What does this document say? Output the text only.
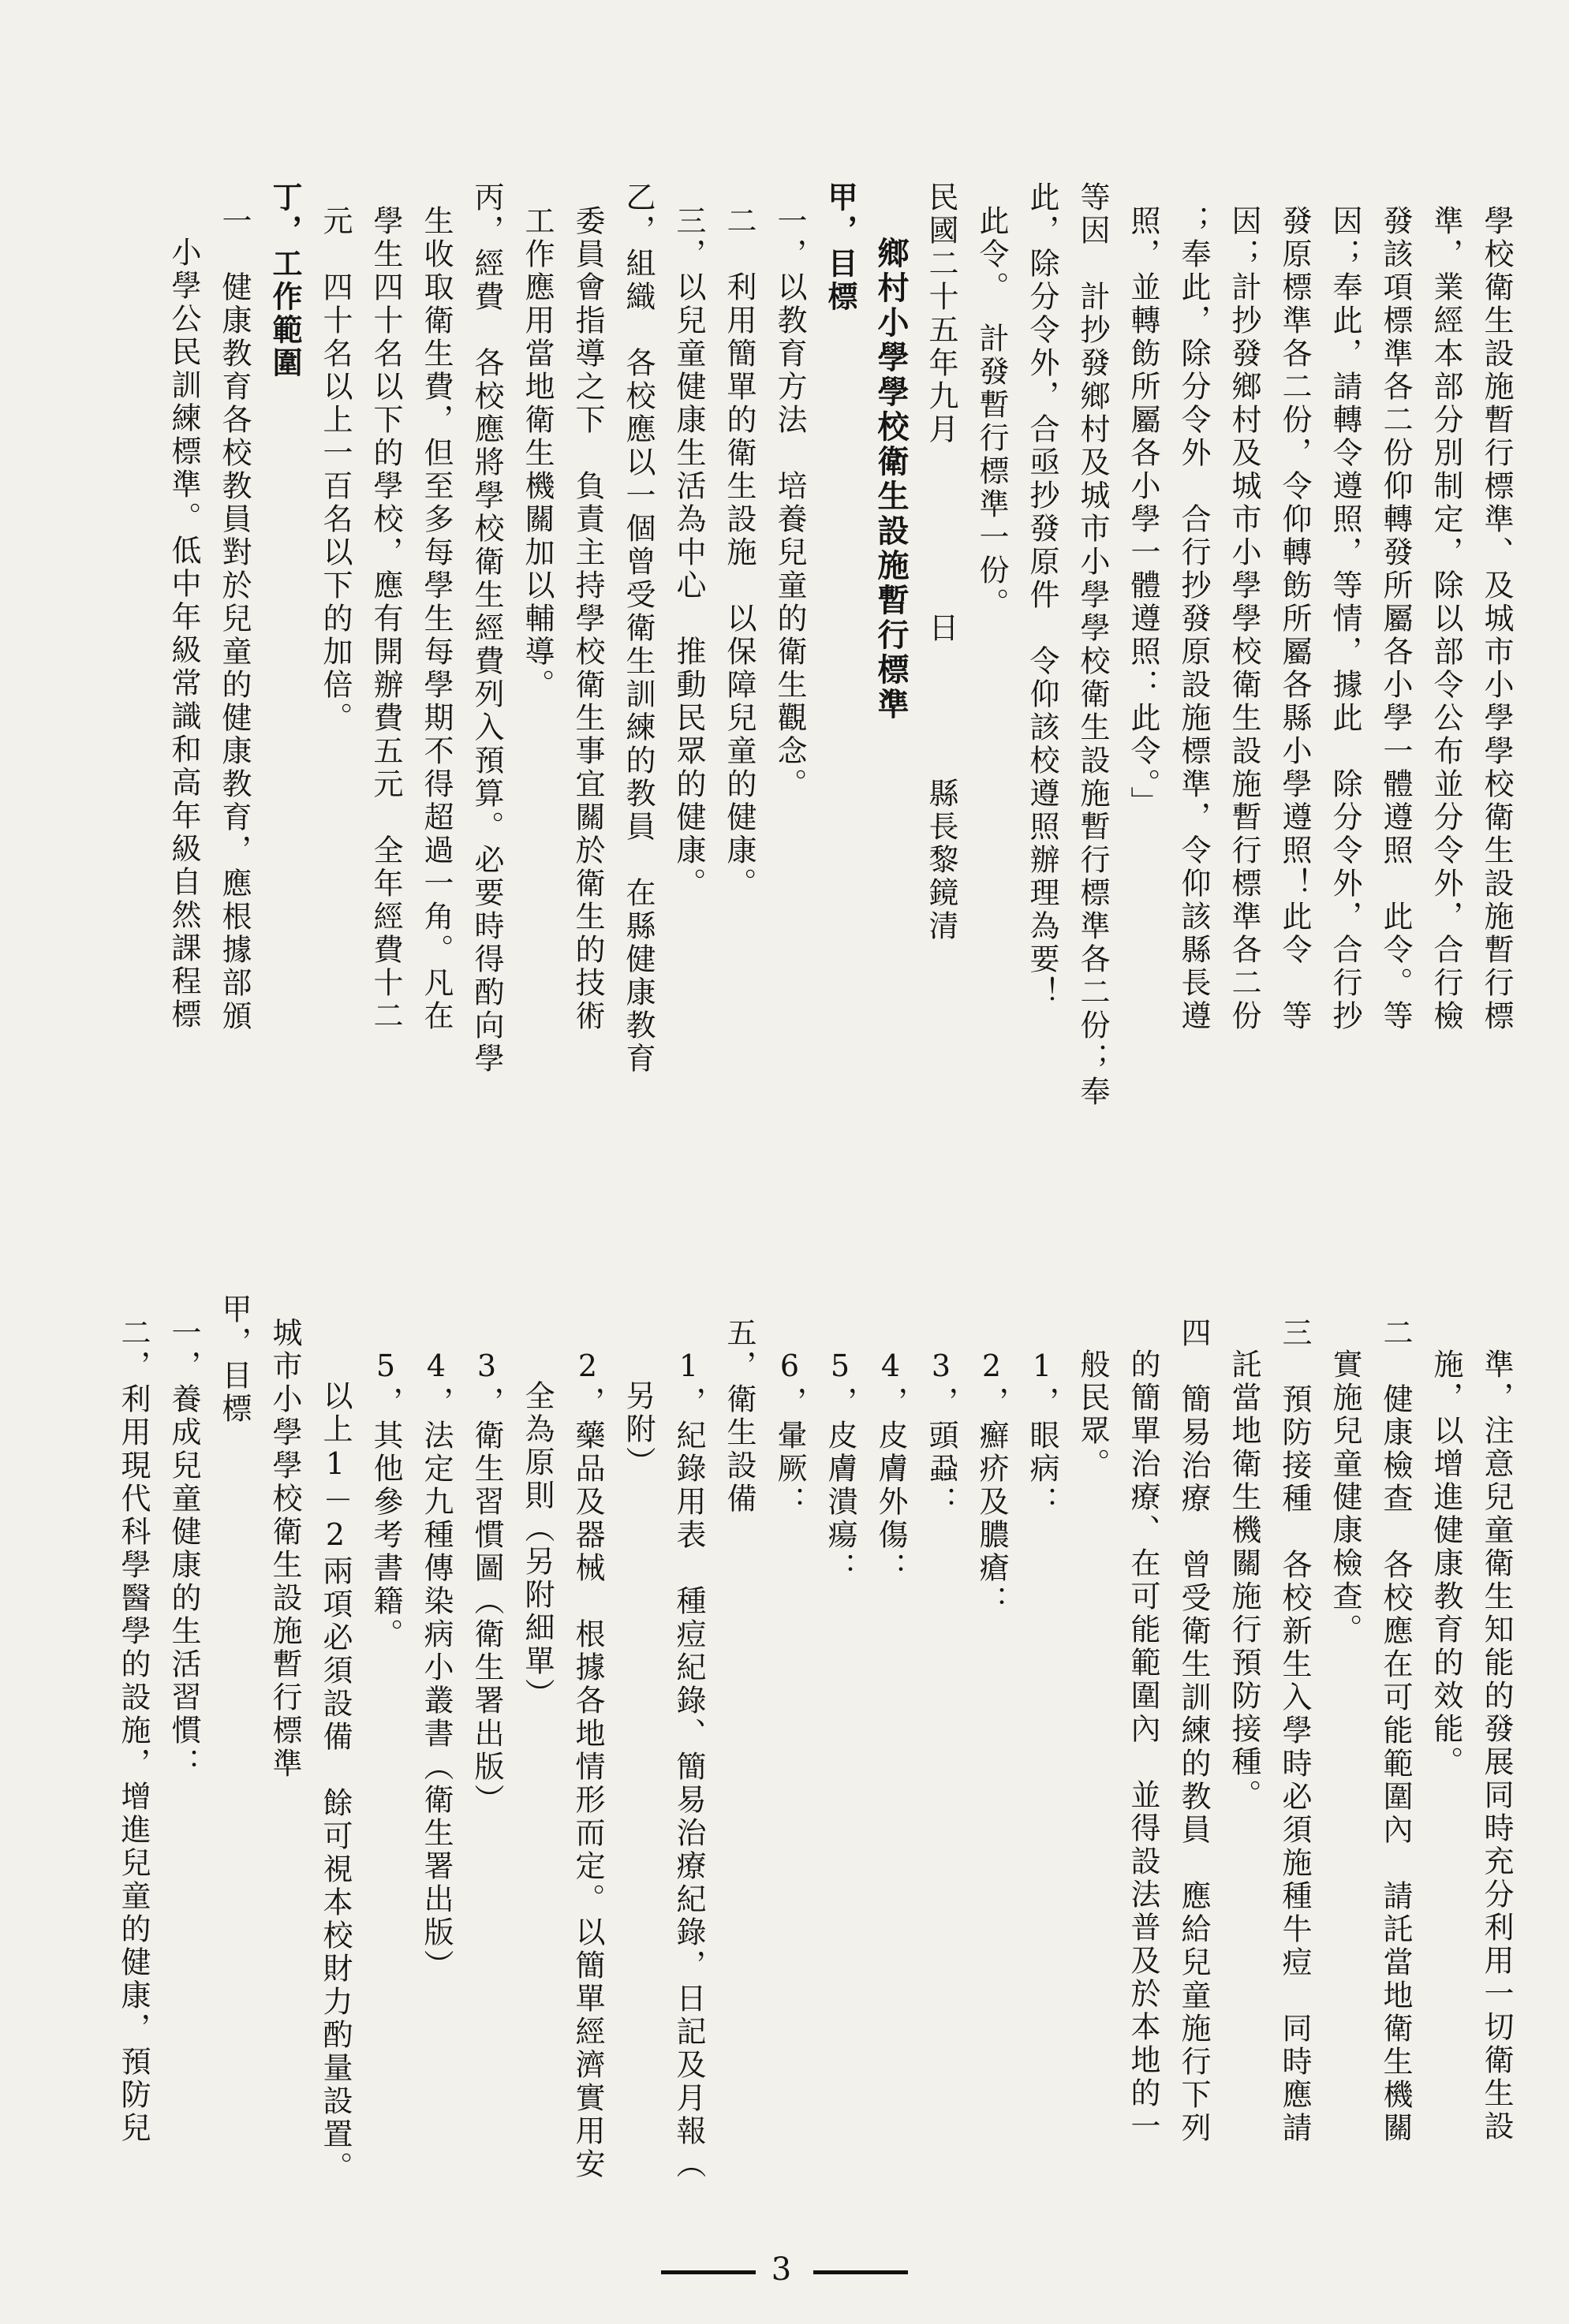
學校衛生設施暫行標準、及城市小學學校衛生設施暫行標
準，業經本部分別制定，除以部令公布並分令外，合行檢
發該項標準各二份仰轉發所屬各小學一體遵照　此令。等
因；奉此，請轉令遵照，等情，據此　除分令外，合行抄
發原標準各二份，令仰轉飭所屬各縣小學遵照！此令　等
因；計抄發鄉村及城市小學學校衛生設施暫行標準各二份
；奉此，除分令外　合行抄發原設施標準，令仰該縣長遵
照，並轉飭所屬各小學一體遵照：此令。」
等因　計抄發鄉村及城市小學學校衛生設施暫行標準各二份；奉
此，除分令外，合亟抄發原件　令仰該校遵照辦理為要！
此令。　計發暫行標準一份。
民國二十五年九月　　　　　日　　　　縣長黎鏡清
鄉村小學學校衛生設施暫行標準
甲，目標
一，以教育方法　培養兒童的衛生觀念。
二　利用簡單的衛生設施　以保障兒童的健康。
三，以兒童健康生活為中心　推動民眾的健康。
乙，組織　各校應以一個曾受衛生訓練的教員　在縣健康教育
委員會指導之下　負責主持學校衛生事宜關於衛生的技術
工作應用當地衛生機關加以輔導。
丙，經費　各校應將學校衛生經費列入預算。必要時得酌向學
生收取衛生費，但至多每學生每學期不得超過一角。凡在
學生四十名以下的學校，應有開辦費五元　全年經費十二
元　四十名以上一百名以下的加倍。
丁，工作範圍
一　健康教育各校教員對於兒童的健康教育，應根據部頒
小學公民訓練標準。低中年級常識和高年級自然課程標
準，注意兒童衛生知能的發展同時充分利用一切衛生設
施，以增進健康教育的效能。
二　健康檢查　各校應在可能範圍內　請託當地衛生機關
實施兒童健康檢查。
三　預防接種　各校新生入學時必須施種牛痘　同時應請
託當地衛生機關施行預防接種。
四　簡易治療　曾受衛生訓練的教員　應給兒童施行下列
的簡單治療、在可能範圍內　並得設法普及於本地的一
般民眾。
1，眼病：
2，癬疥及膿瘡：
3，頭蝨：
4，皮膚外傷：
5，皮膚潰瘍：
6，暈厥：
五，衛生設備
1，紀錄用表　種痘紀錄、簡易治療紀錄，日記及月報（
另附）
2，藥品及器械　根據各地情形而定。以簡單經濟實用安
全為原則（另附細單）
3，衛生習慣圖（衛生署出版）
4，法定九種傳染病小叢書（衛生署出版）
5，其他參考書籍。
以上1－2兩項必須設備　餘可視本校財力酌量設置。
城市小學學校衛生設施暫行標準
甲，目標
一，養成兒童健康的生活習慣：
二，利用現代科學醫學的設施，增進兒童的健康，預防兒
3
